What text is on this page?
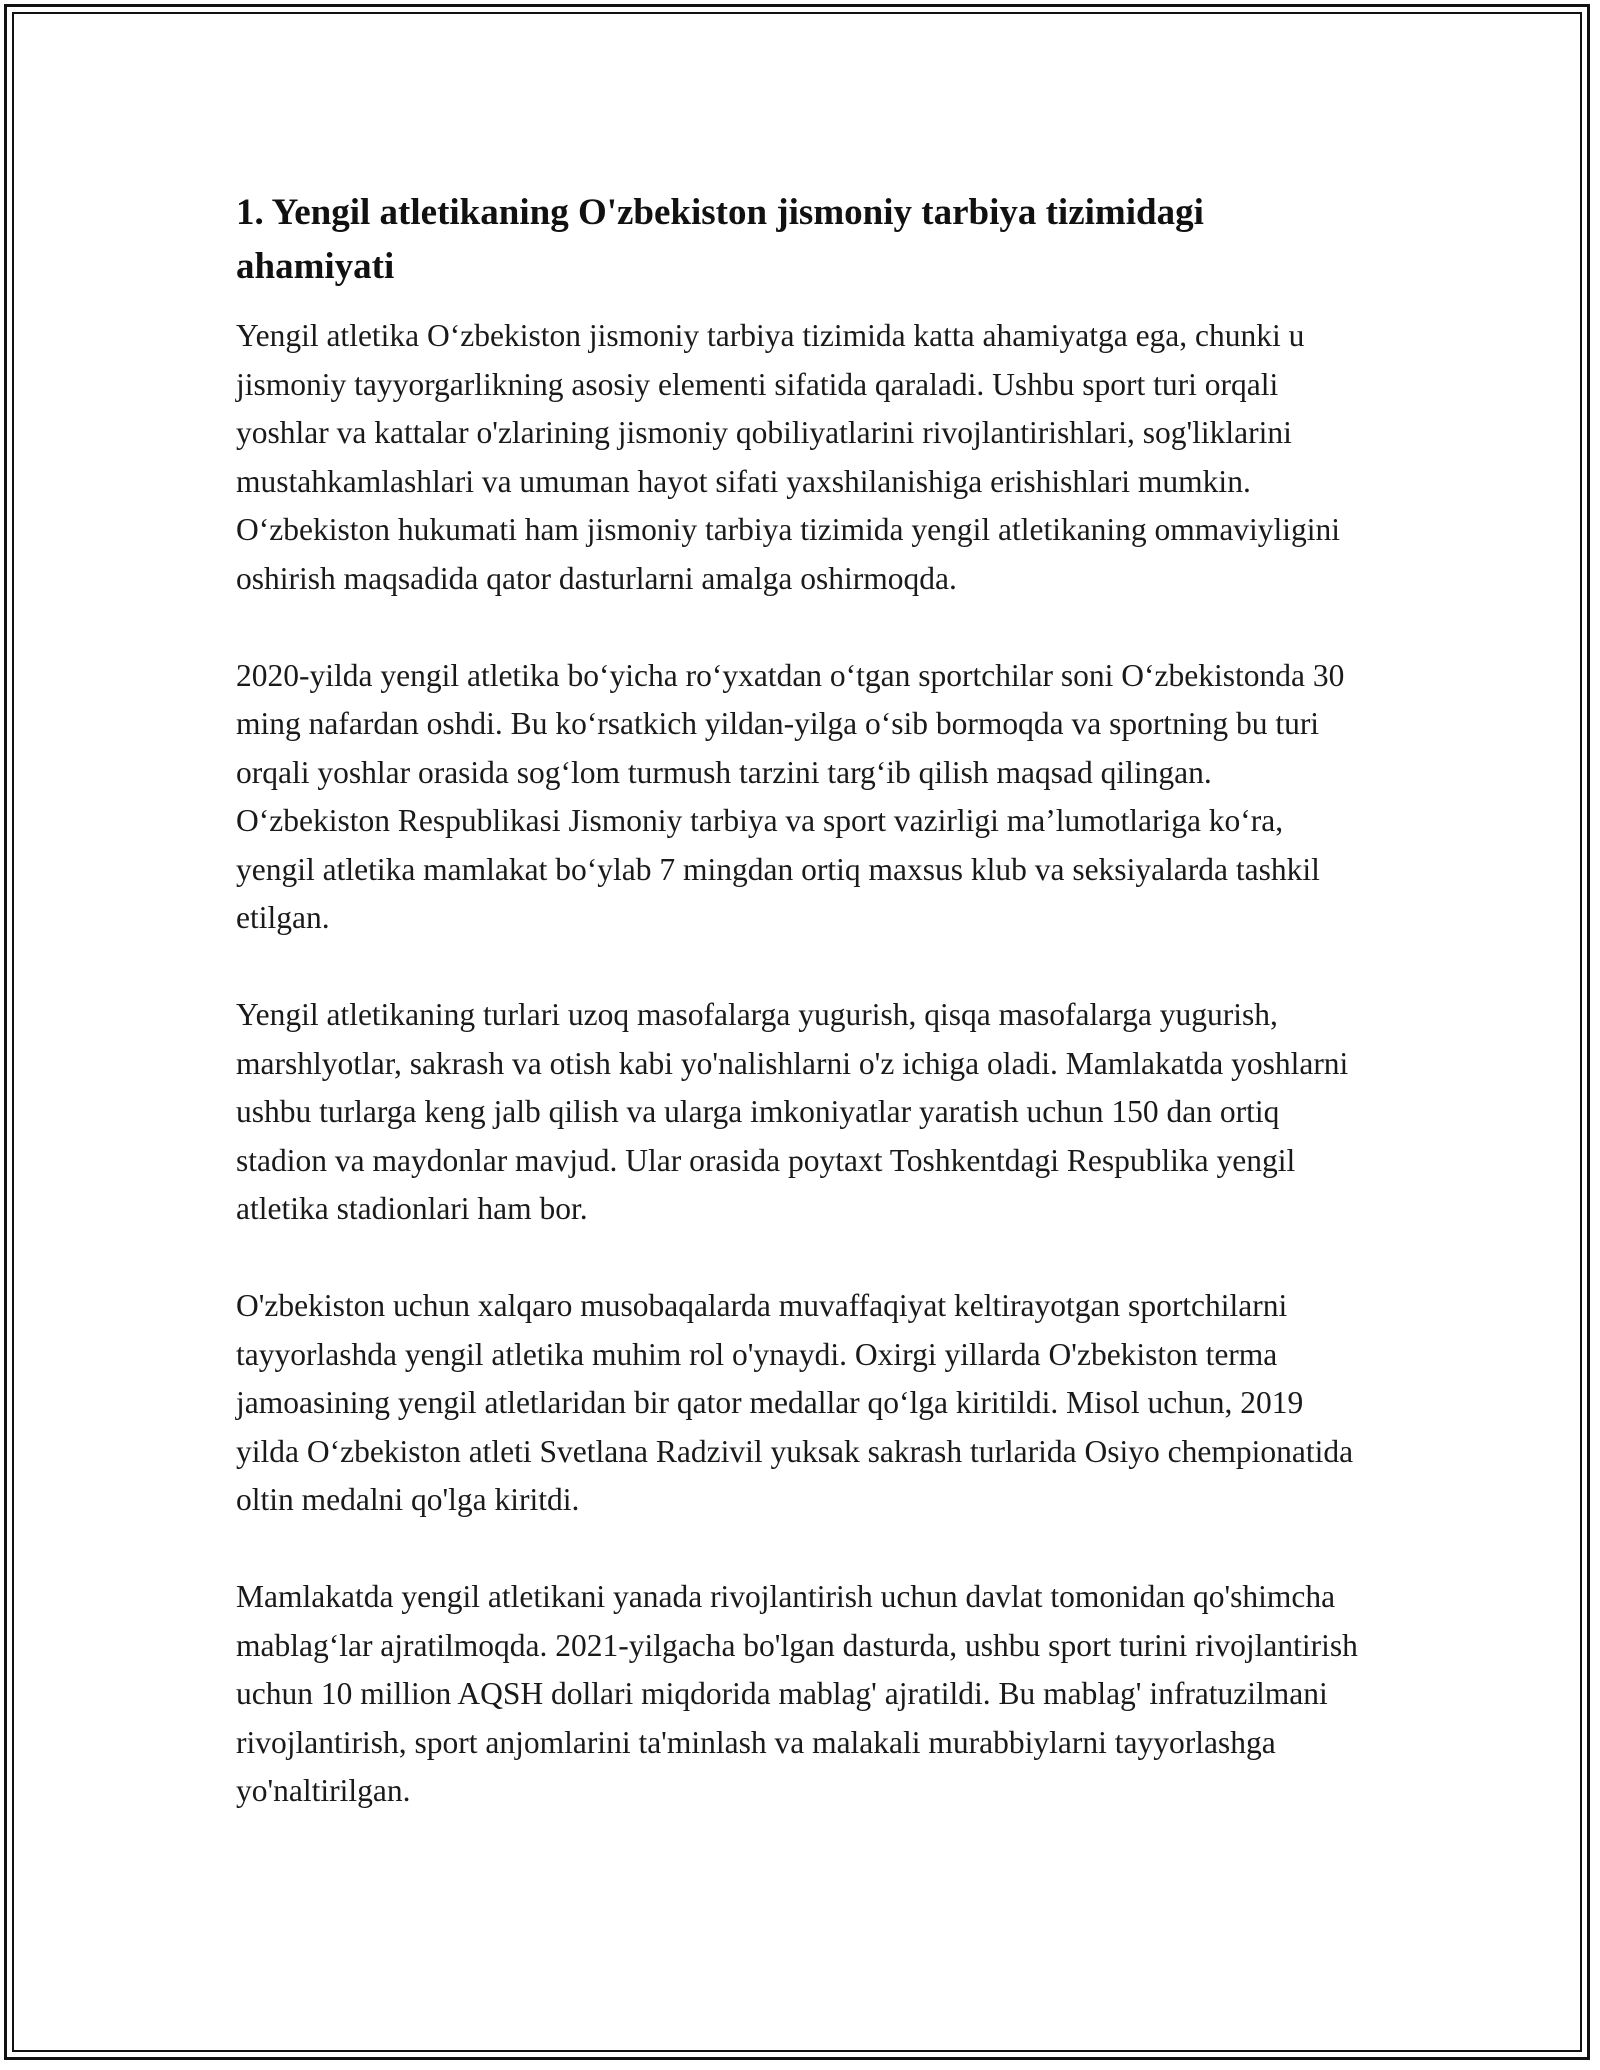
1. Yengil atletikaning O'zbekiston jismoniy tarbiya tizimidagi ahamiyati

Yengil atletika O‘zbekiston jismoniy tarbiya tizimida katta ahamiyatga ega, chunki u jismoniy tayyorgarlikning asosiy elementi sifatida qaraladi. Ushbu sport turi orqali yoshlar va kattalar o'zlarining jismoniy qobiliyatlarini rivojlantirishlari, sog'liklarini mustahkamlashlari va umuman hayot sifati yaxshilanishiga erishishlari mumkin. O‘zbekiston hukumati ham jismoniy tarbiya tizimida yengil atletikaning ommaviyligini oshirish maqsadida qator dasturlarni amalga oshirmoqda.

2020-yilda yengil atletika bo‘yicha ro‘yxatdan o‘tgan sportchilar soni O‘zbekistonda 30 ming nafardan oshdi. Bu ko‘rsatkich yildan-yilga o‘sib bormoqda va sportning bu turi orqali yoshlar orasida sog‘lom turmush tarzini targ‘ib qilish maqsad qilingan. O‘zbekiston Respublikasi Jismoniy tarbiya va sport vazirligi ma’lumotlariga ko‘ra, yengil atletika mamlakat bo‘ylab 7 mingdan ortiq maxsus klub va seksiyalarda tashkil etilgan.

Yengil atletikaning turlari uzoq masofalarga yugurish, qisqa masofalarga yugurish, marshlyotlar, sakrash va otish kabi yo'nalishlarni o'z ichiga oladi. Mamlakatda yoshlarni ushbu turlarga keng jalb qilish va ularga imkoniyatlar yaratish uchun 150 dan ortiq stadion va maydonlar mavjud. Ular orasida poytaxt Toshkentdagi Respublika yengil atletika stadionlari ham bor.

O'zbekiston uchun xalqaro musobaqalarda muvaffaqiyat keltirayotgan sportchilarni tayyorlashda yengil atletika muhim rol o'ynaydi. Oxirgi yillarda O'zbekiston terma jamoasining yengil atletlaridan bir qator medallar qo‘lga kiritildi. Misol uchun, 2019 yilda O‘zbekiston atleti Svetlana Radzivil yuksak sakrash turlarida Osiyo chempionatida oltin medalni qo'lga kiritdi.

Mamlakatda yengil atletikani yanada rivojlantirish uchun davlat tomonidan qo'shimcha mablag‘lar ajratilmoqda. 2021-yilgacha bo'lgan dasturda, ushbu sport turini rivojlantirish uchun 10 million AQSH dollari miqdorida mablag' ajratildi. Bu mablag' infratuzilmani rivojlantirish, sport anjomlarini ta'minlash va malakali murabbiylarni tayyorlashga yo'naltirilgan.
